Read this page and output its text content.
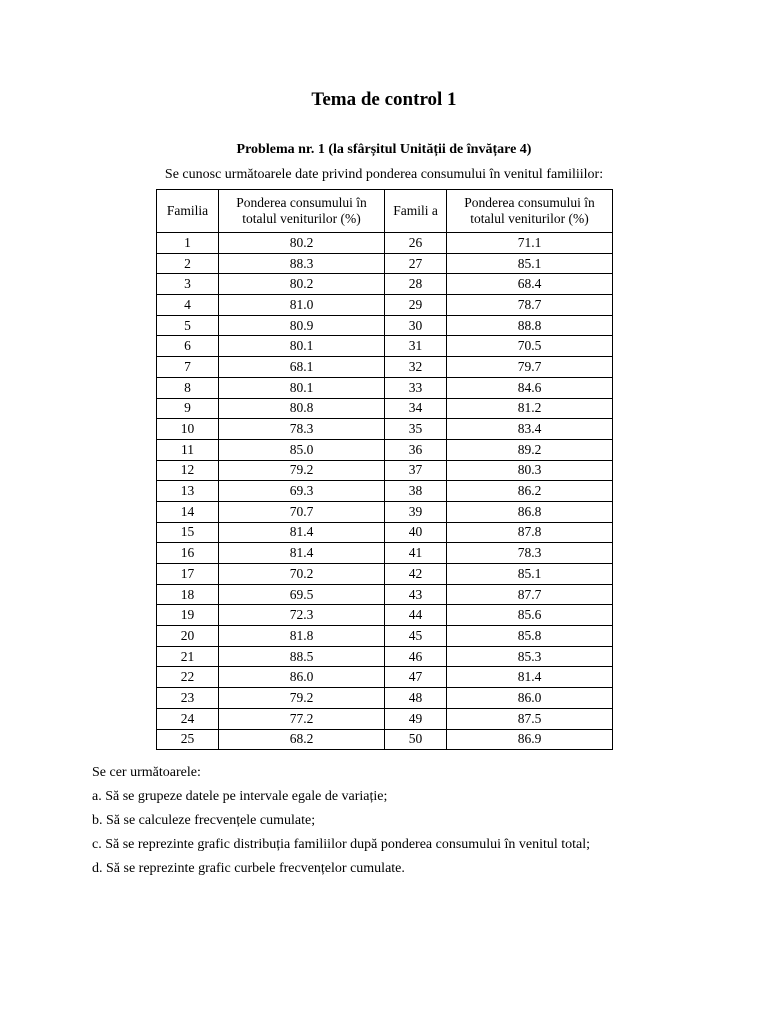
Tema de control 1
Problema nr. 1 (la sfârșitul Unității de învățare 4)
Se cunosc următoarele date privind ponderea consumului în venitul familiilor:
Familia	Ponderea consumului în totalul veniturilor (%)	Famili a	Ponderea consumului în totalul veniturilor (%)
1	80.2	26	71.1
2	88.3	27	85.1
3	80.2	28	68.4
4	81.0	29	78.7
5	80.9	30	88.8
6	80.1	31	70.5
7	68.1	32	79.7
8	80.1	33	84.6
9	80.8	34	81.2
10	78.3	35	83.4
11	85.0	36	89.2
12	79.2	37	80.3
13	69.3	38	86.2
14	70.7	39	86.8
15	81.4	40	87.8
16	81.4	41	78.3
17	70.2	42	85.1
18	69.5	43	87.7
19	72.3	44	85.6
20	81.8	45	85.8
21	88.5	46	85.3
22	86.0	47	81.4
23	79.2	48	86.0
24	77.2	49	87.5
25	68.2	50	86.9
Se cer următoarele:
a. Să se grupeze datele pe intervale egale de variație;
b. Să se calculeze frecvențele cumulate;
c. Să se reprezinte grafic distribuția familiilor după ponderea consumului în venitul total;
d. Să se reprezinte grafic curbele frecvențelor cumulate.
